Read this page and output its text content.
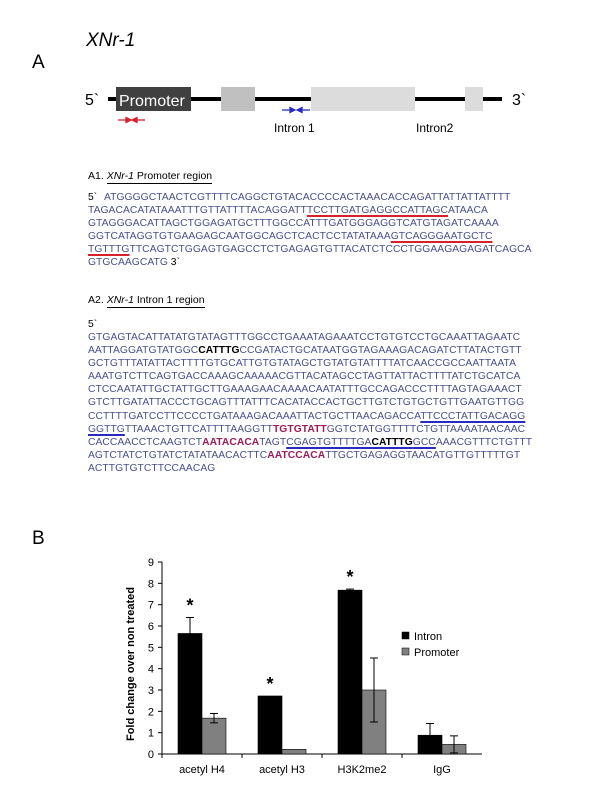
XNr-1
A
5`	3`
Promoter
Intron 1	Intron2
A1. XNr-1 Promoter region
5` ATGGGGCTAACTCGTTTTCAGGCTGTACACCCCACTAAACACCAGATTATTATTATTTT
TAGACACATATAAATTTGTTATTTTACAGGATTTCCTTGATGAGGCCATTAGCATAACA
GTAGGGACATTAGCTGGAGATGCTTTGGCCATTTGATGGGAGGTCATGTAGATCAAAA
GGTCATAGGTGTGAAGAGCAATGGCAGCTCACTCCTATATAAAGTCAGGGAATGCTC
TGTTTGTTCAGTCTGGAGTGAGCCTCTGAGAGTGTTACATCTCCCTGGAAGAGAGATCAGCA
GTGCAAGCATG 3`
A2. XNr-1 Intron 1 region
5`
GTGAGTACATTATATGTATAGTTTGGCCTGAAATAGAAATCCTGTGTCCTGCAAATTAGAATC
AATTAGGATGTATGGCCATTTGCCGATACTGCATAATGGTAGAAAGACAGATCTTATACTGTT
GCTGTTTATATTACTTTTGTGCATTGTGTATAGCTGTATGTATTTTATCAACCGCCAATTAATA
AAATGTCTTCAGTGACCAAAGCAAAAACGTTACATAGCCTAGTTATTACTTTTATCTGCATCA
CTCCAATATTGCTATTGCTTGAAAGAACAAAACAATATTTGCCAGACCCTTTTAGTAGAAACT
GTCTTGATATTACCCTGCAGTTTATTTCACATACCACTGCTTGTCTGTGCTGTTGAATGTTGG
CCTTTTGATCCTTCCCCTGATAAAGACAAATTACTGCTTAACAGACCATTCCCTATTGACAGG
GGTTGTTAAACTGTTCATTTTAAGGTTTGTGTATTGGTCTATGGTTTTCTGTTAAAATAACAAC
CACCAACCTCAAGTCTAATACACATAGTCGAGTGTTTTGACATTTGGCCAAACGTTTCTGTTT
AGTCTATCTGTATCTATATAACACTTCAATCCACATTGCTGAGAGGTAACATGTTGTTTTTGT
ACTTGTGTCTTCCAACAG
B
0
1
2
3
4
5
6
7
8
9
acetyl H4	acetyl H3	H3K2me2	IgG
*
*
*
Intron
Promoter
Fold change over non treated
